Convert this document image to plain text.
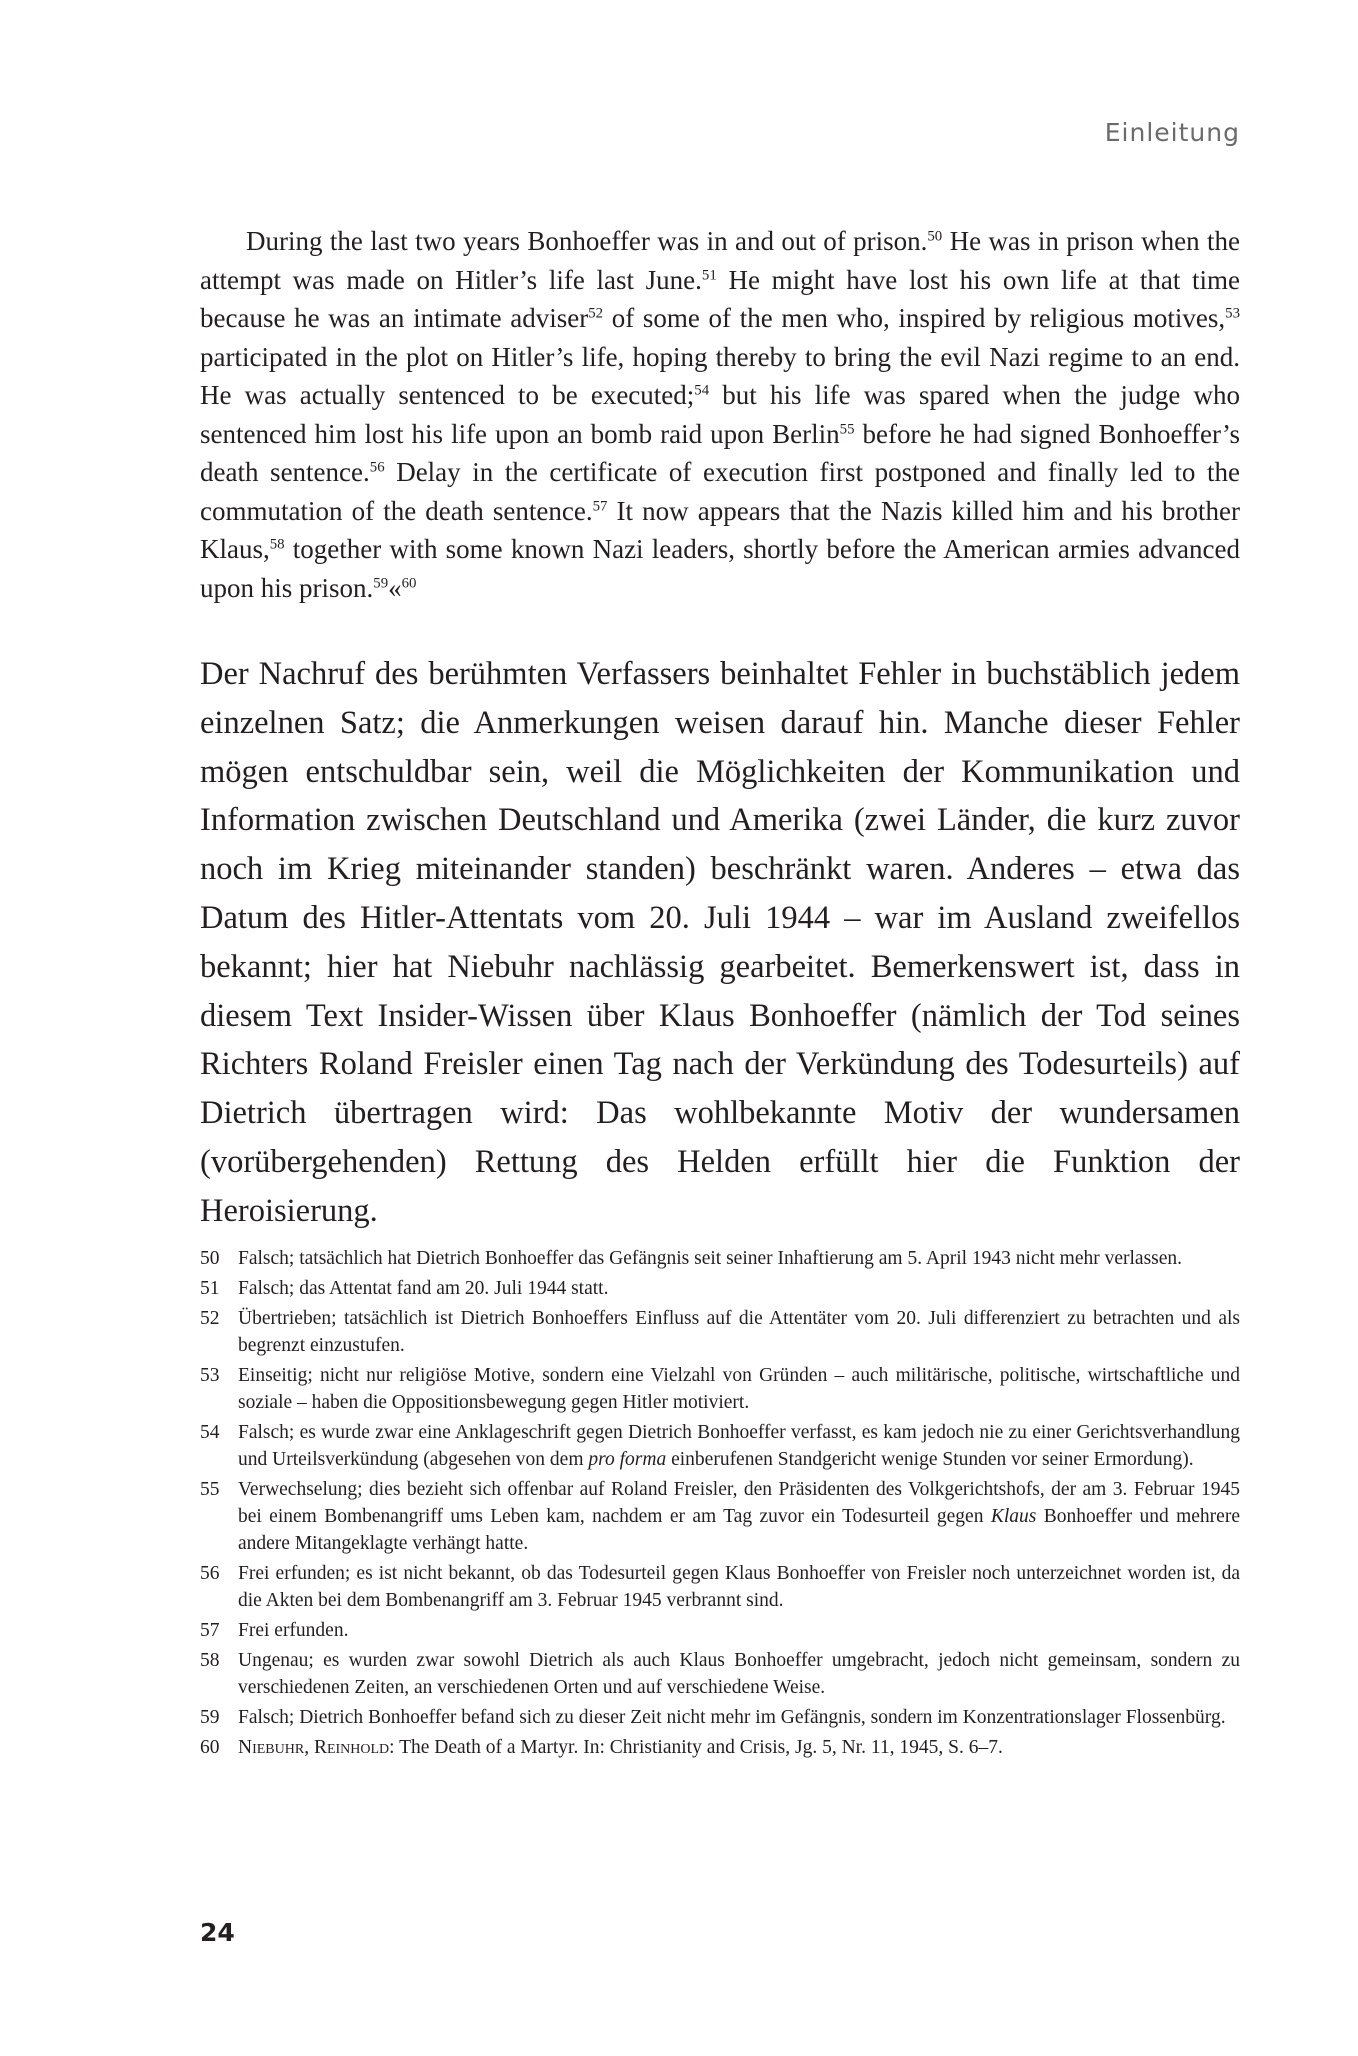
Einleitung

During the last two years Bonhoeffer was in and out of prison.$^{50}$ He was in prison when the attempt was made on Hitler’s life last June.$^{51}$ He might have lost his own life at that time because he was an intimate adviser$^{52}$ of some of the men who, inspired by religious motives,$^{53}$ participated in the plot on Hitler’s life, hoping thereby to bring the evil Nazi regime to an end. He was actually sentenced to be executed;$^{54}$ but his life was spared when the judge who sentenced him lost his life upon an bomb raid upon Berlin$^{55}$ before he had signed Bonhoeffer’s death sentence.$^{56}$ Delay in the certificate of execution first postponed and finally led to the commutation of the death sentence.$^{57}$ It now appears that the Nazis killed him and his brother Klaus,$^{58}$ together with some known Nazi leaders, shortly before the American armies advanced upon his prison.$^{59}$«$^{60}$

Der Nachruf des berühmten Verfassers beinhaltet Fehler in buchstäblich jedem einzelnen Satz; die Anmerkungen weisen darauf hin. Manche dieser Fehler mögen entschuldbar sein, weil die Möglichkeiten der Kommunikation und Information zwischen Deutschland und Amerika (zwei Länder, die kurz zuvor noch im Krieg miteinander standen) beschränkt waren. Anderes – etwa das Datum des Hitler-Attentats vom 20. Juli 1944 – war im Ausland zweifellos bekannt; hier hat Niebuhr nachlässig gearbeitet. Bemerkenswert ist, dass in diesem Text Insider-Wissen über Klaus Bonhoeffer (nämlich der Tod seines Richters Roland Freisler einen Tag nach der Verkündung des Todesurteils) auf Dietrich übertragen wird: Das wohlbekannte Motiv der wundersamen (vorübergehenden) Rettung des Helden erfüllt hier die Funktion der Heroisierung.

50 Falsch; tatsächlich hat Dietrich Bonhoeffer das Gefängnis seit seiner Inhaftierung am 5. April 1943 nicht mehr verlassen.
51 Falsch; das Attentat fand am 20. Juli 1944 statt.
52 Übertrieben; tatsächlich ist Dietrich Bonhoeffers Einfluss auf die Attentäter vom 20. Juli differenziert zu betrachten und als begrenzt einzustufen.
53 Einseitig; nicht nur religiöse Motive, sondern eine Vielzahl von Gründen – auch militärische, politische, wirtschaftliche und soziale – haben die Oppositionsbewegung gegen Hitler motiviert.
54 Falsch; es wurde zwar eine Anklageschrift gegen Dietrich Bonhoeffer verfasst, es kam jedoch nie zu einer Gerichtsverhandlung und Urteilsverkündung (abgesehen von dem pro forma einberufenen Standgericht wenige Stunden vor seiner Ermordung).
55 Verwechselung; dies bezieht sich offenbar auf Roland Freisler, den Präsidenten des Volkgerichtshofs, der am 3. Februar 1945 bei einem Bombenangriff ums Leben kam, nachdem er am Tag zuvor ein Todesurteil gegen Klaus Bonhoeffer und mehrere andere Mitangeklagte verhängt hatte.
56 Frei erfunden; es ist nicht bekannt, ob das Todesurteil gegen Klaus Bonhoeffer von Freisler noch unterzeichnet worden ist, da die Akten bei dem Bombenangriff am 3. Februar 1945 verbrannt sind.
57 Frei erfunden.
58 Ungenau; es wurden zwar sowohl Dietrich als auch Klaus Bonhoeffer umgebracht, jedoch nicht gemeinsam, sondern zu verschiedenen Zeiten, an verschiedenen Orten und auf verschiedene Weise.
59 Falsch; Dietrich Bonhoeffer befand sich zu dieser Zeit nicht mehr im Gefängnis, sondern im Konzentrationslager Flossenbürg.
60 Niebuhr, Reinhold: The Death of a Martyr. In: Christianity and Crisis, Jg. 5, Nr. 11, 1945, S. 6–7.
24
